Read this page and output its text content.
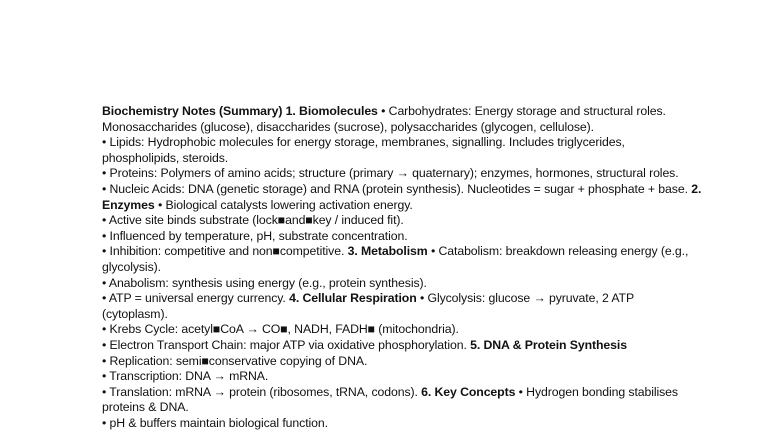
Biochemistry Notes (Summary) 1. Biomolecules • Carbohydrates: Energy storage and structural roles. Monosaccharides (glucose), disaccharides (sucrose), polysaccharides (glycogen, cellulose).

• Lipids: Hydrophobic molecules for energy storage, membranes, signalling. Includes triglycerides, phospholipids, steroids.

• Proteins: Polymers of amino acids; structure (primary → quaternary); enzymes, hormones, structural roles.

• Nucleic Acids: DNA (genetic storage) and RNA (protein synthesis). Nucleotides = sugar + phosphate + base. 2. Enzymes • Biological catalysts lowering activation energy.

• Active site binds substrate (lock■and■key / induced fit).

• Influenced by temperature, pH, substrate concentration.

• Inhibition: competitive and non■competitive. 3. Metabolism • Catabolism: breakdown releasing energy (e.g., glycolysis).

• Anabolism: synthesis using energy (e.g., protein synthesis).

• ATP = universal energy currency. 4. Cellular Respiration • Glycolysis: glucose → pyruvate, 2 ATP (cytoplasm).

• Krebs Cycle: acetyl■CoA → CO■, NADH, FADH■ (mitochondria).

• Electron Transport Chain: major ATP via oxidative phosphorylation. 5. DNA & Protein Synthesis

• Replication: semi■conservative copying of DNA.

• Transcription: DNA → mRNA.

• Translation: mRNA → protein (ribosomes, tRNA, codons). 6. Key Concepts • Hydrogen bonding stabilises proteins & DNA.

• pH & buffers maintain biological function.
